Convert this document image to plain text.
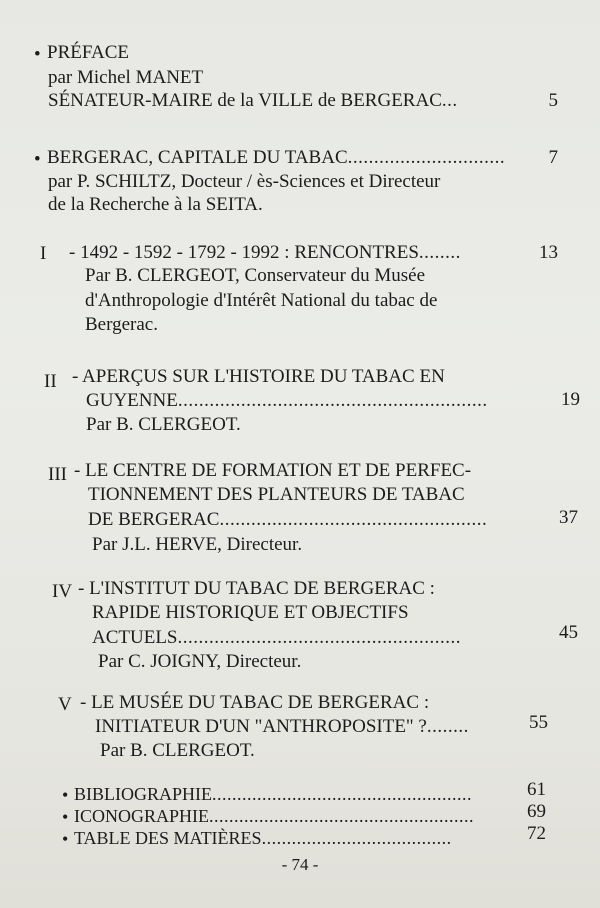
• PRÉFACE
par Michel MANET
SÉNATEUR-MAIRE de la VILLE de BERGERAC...	5
• BERGERAC, CAPITALE DU TABAC..............................	7
par P. SCHILTZ, Docteur / ès-Sciences et Directeur
de la Recherche à la SEITA.
I - 1492 - 1592 - 1792 - 1992 : RENCONTRES........	13
Par B. CLERGEOT, Conservateur du Musée
d'Anthropologie d'Intérêt National du tabac de
Bergerac.
II - APERÇUS SUR L'HISTOIRE DU TABAC EN
GUYENNE...........................................................	19
Par B. CLERGEOT.
III - LE CENTRE DE FORMATION ET DE PERFEC-
TIONNEMENT DES PLANTEURS DE TABAC
DE BERGERAC...................................................	37
Par J.L. HERVE, Directeur.
IV - L'INSTITUT DU TABAC DE BERGERAC :
RAPIDE HISTORIQUE ET OBJECTIFS
ACTUELS......................................................	45
Par C. JOIGNY, Directeur.
V - LE MUSÉE DU TABAC DE BERGERAC :
INITIATEUR D'UN "ANTHROPOSITE" ?........	55
Par B. CLERGEOT.
• BIBLIOGRAPHIE....................................................	61
• ICONOGRAPHIE.....................................................	69
• TABLE DES MATIÈRES......................................	72
- 74 -
